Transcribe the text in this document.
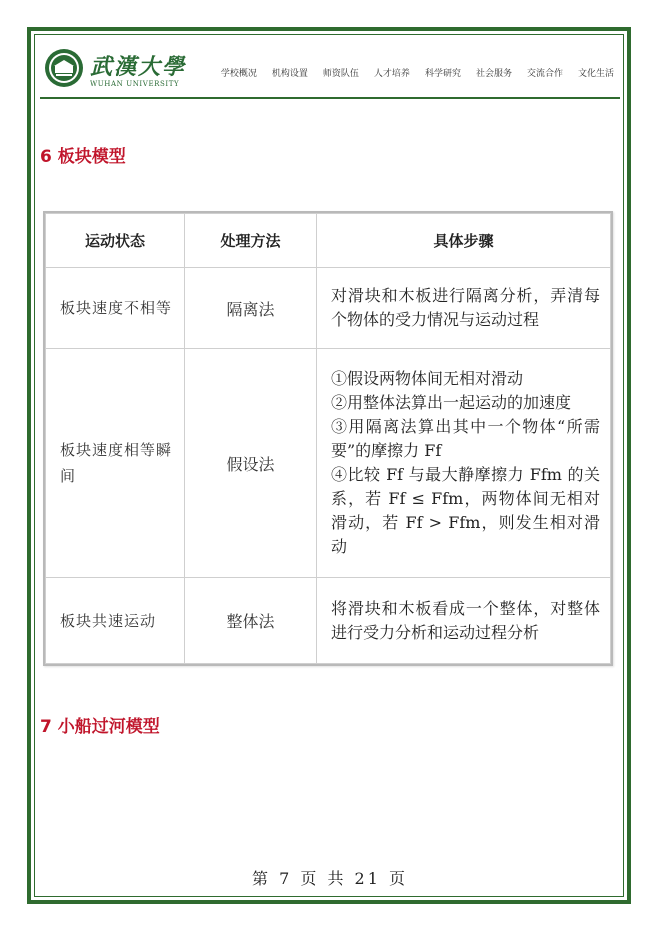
武漢大學
WUHAN UNIVERSITY
学校概况 机构设置 师资队伍 人才培养 科学研究 社会服务 交流合作 文化生活
6 板块模型
运动状态	处理方法	具体步骤
板块速度不相等	隔离法	对滑块和木板进行隔离分析，弄清每个物体的受力情况与运动过程

板块速度相等瞬间	假设法	①假设两物体间无相对滑动
②用整体法算出一起运动的加速度
③用隔离法算出其中一个物体“所需要”的摩擦力 Ff
④比较 Ff 与最大静摩擦力 Ffm 的关系，若 Ff ≤ Ffm，两物体间无相对滑动，若 Ff > Ffm，则发生相对滑动

板块共速运动	整体法	将滑块和木板看成一个整体，对整体进行受力分析和运动过程分析
7 小船过河模型
第 7 页 共 21 页
